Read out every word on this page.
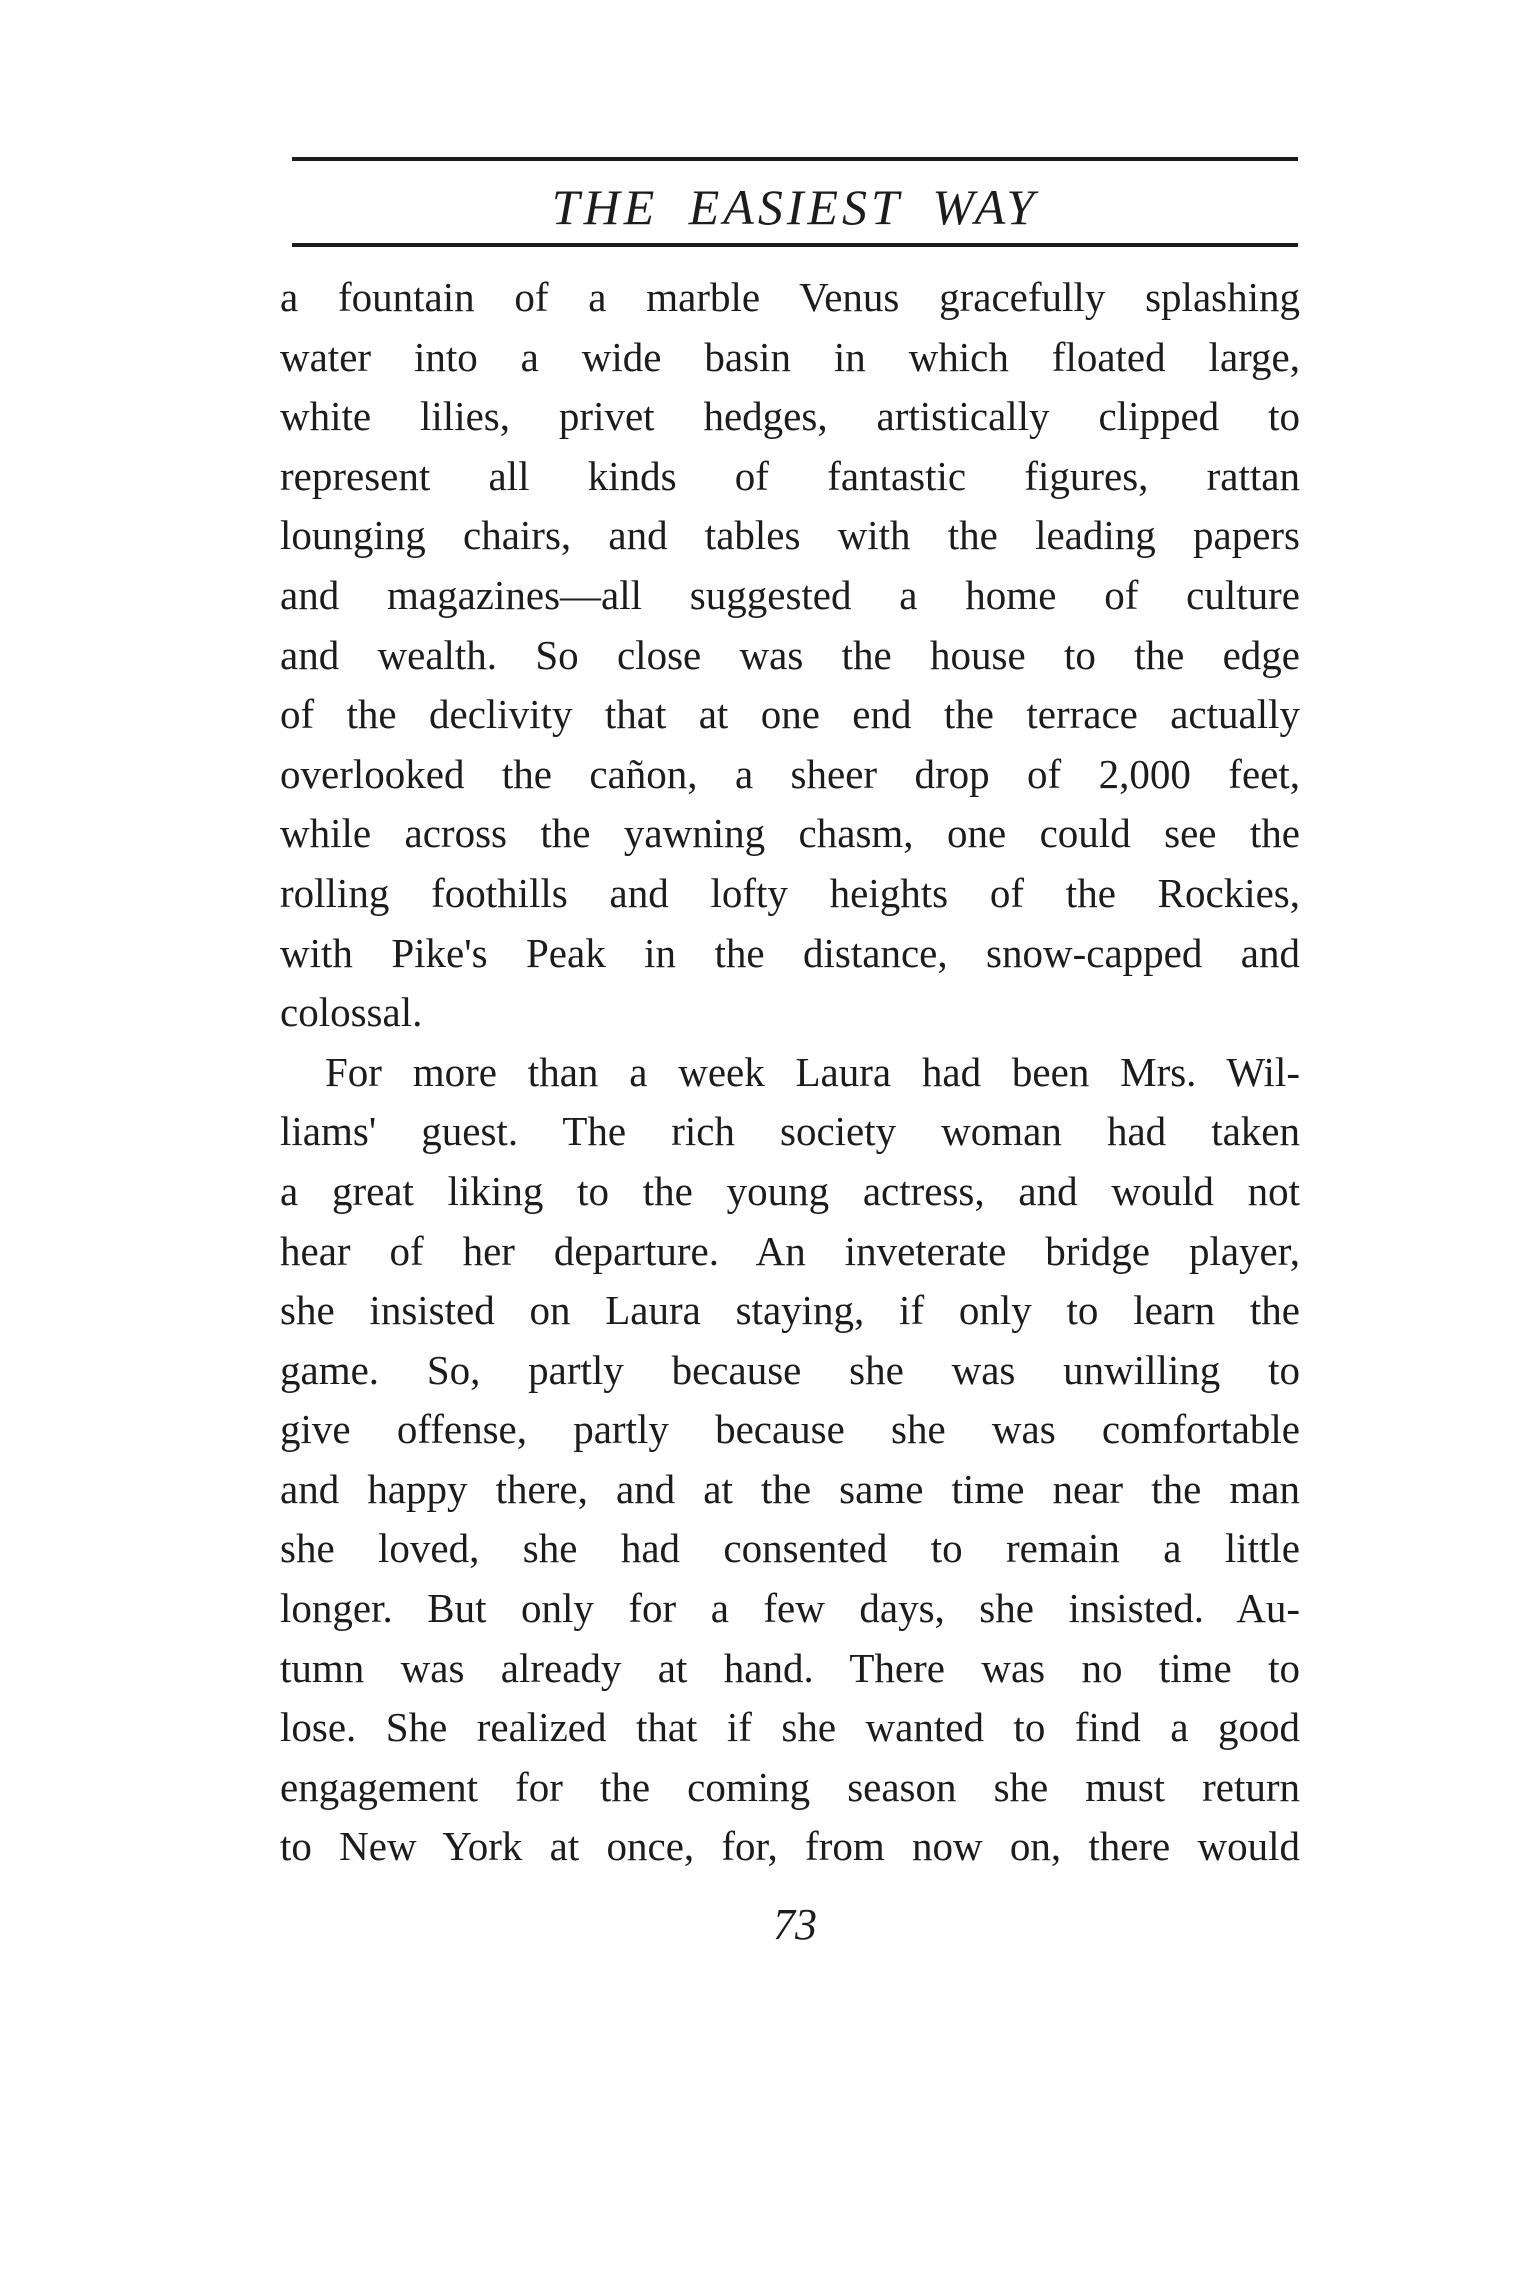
THE EASIEST WAY
a fountain of a marble Venus gracefully splashing
water into a wide basin in which floated large,
white lilies, privet hedges, artistically clipped to
represent all kinds of fantastic figures, rattan
lounging chairs, and tables with the leading papers
and magazines—all suggested a home of culture
and wealth. So close was the house to the edge
of the declivity that at one end the terrace actually
overlooked the cañon, a sheer drop of 2,000 feet,
while across the yawning chasm, one could see the
rolling foothills and lofty heights of the Rockies,
with Pike's Peak in the distance, snow-capped and
colossal.
For more than a week Laura had been Mrs. Wil-
liams' guest. The rich society woman had taken
a great liking to the young actress, and would not
hear of her departure. An inveterate bridge player,
she insisted on Laura staying, if only to learn the
game. So, partly because she was unwilling to
give offense, partly because she was comfortable
and happy there, and at the same time near the man
she loved, she had consented to remain a little
longer. But only for a few days, she insisted. Au-
tumn was already at hand. There was no time to
lose. She realized that if she wanted to find a good
engagement for the coming season she must return
to New York at once, for, from now on, there would
73
